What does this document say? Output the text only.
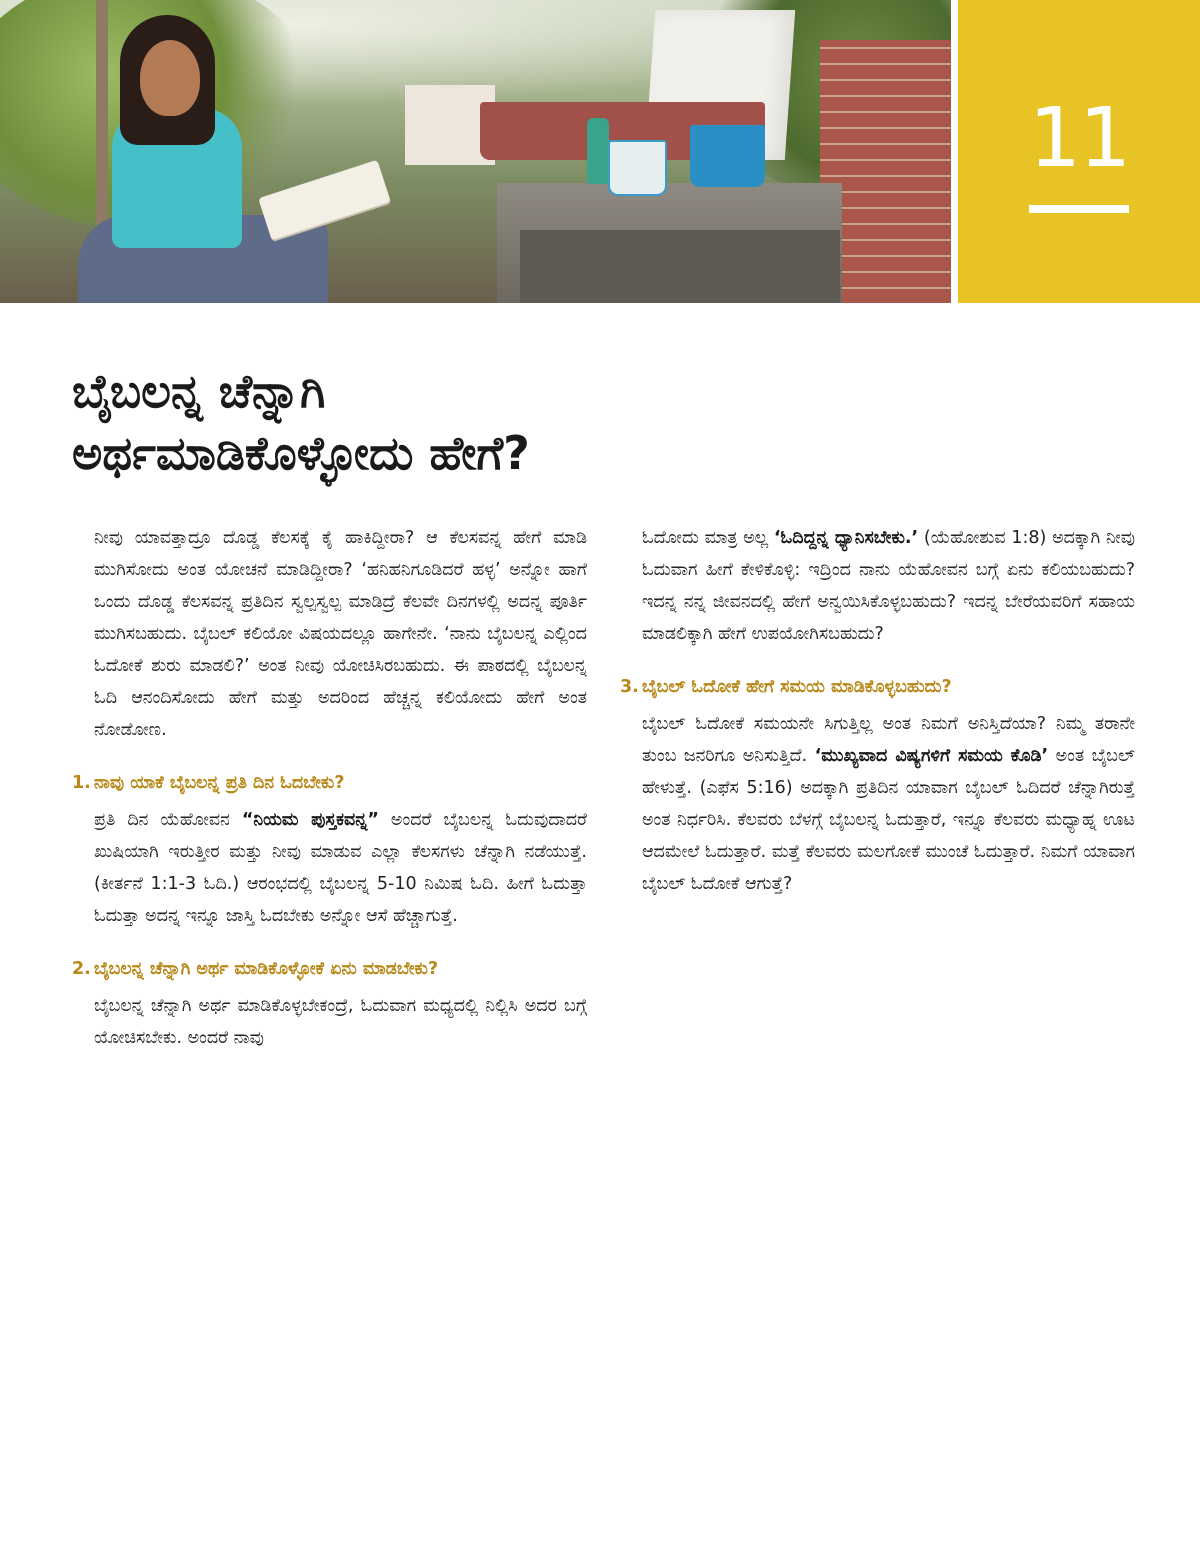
11
ಬೈಬಲನ್ನ ಚೆನ್ನಾಗಿ
ಅರ್ಥಮಾಡಿಕೊಳ್ಳೋದು ಹೇಗೆ?

ನೀವು ಯಾವತ್ತಾದ್ರೂ ದೊಡ್ಡ ಕೆಲಸಕ್ಕೆ ಕೈ ಹಾಕಿದ್ದೀರಾ? ಆ ಕೆಲಸವನ್ನ ಹೇಗೆ ಮಾಡಿ ಮುಗಿಸೋದು ಅಂತ ಯೋಚನೆ ಮಾಡಿದ್ದೀರಾ? ‘ಹನಿಹನಿಗೂಡಿದರೆ ಹಳ್ಳ’ ಅನ್ನೋ ಹಾಗೆ ಒಂದು ದೊಡ್ಡ ಕೆಲಸವನ್ನ ಪ್ರತಿದಿನ ಸ್ವಲ್ಪಸ್ವಲ್ಪ ಮಾಡಿದ್ರೆ ಕೆಲವೇ ದಿನಗಳಲ್ಲಿ ಅದನ್ನ ಪೂರ್ತಿ ಮುಗಿಸಬಹುದು. ಬೈಬಲ್ ಕಲಿಯೋ ವಿಷಯದಲ್ಲೂ ಹಾಗೇನೇ. ‘ನಾನು ಬೈಬಲನ್ನ ಎಲ್ಲಿಂದ ಓದೋಕೆ ಶುರು ಮಾಡಲಿ?’ ಅಂತ ನೀವು ಯೋಚಿಸಿರಬಹುದು. ಈ ಪಾಠದಲ್ಲಿ ಬೈಬಲನ್ನ ಓದಿ ಆನಂದಿಸೋದು ಹೇಗೆ ಮತ್ತು ಅದರಿಂದ ಹೆಚ್ಚನ್ನ ಕಲಿಯೋದು ಹೇಗೆ ಅಂತ ನೋಡೋಣ.

1. ನಾವು ಯಾಕೆ ಬೈಬಲನ್ನ ಪ್ರತಿ ದಿನ ಓದಬೇಕು?

ಪ್ರತಿ ದಿನ ಯೆಹೋವನ “ನಿಯಮ ಪುಸ್ತಕವನ್ನ” ಅಂದರೆ ಬೈಬಲನ್ನ ಓದುವುದಾದರೆ ಖುಷಿಯಾಗಿ ಇರುತ್ತೀರ ಮತ್ತು ನೀವು ಮಾಡುವ ಎಲ್ಲಾ ಕೆಲಸಗಳು ಚೆನ್ನಾಗಿ ನಡೆಯುತ್ತೆ. (ಕೀರ್ತನೆ 1:1-3 ಓದಿ.) ಆರಂಭದಲ್ಲಿ ಬೈಬಲನ್ನ 5-10 ನಿಮಿಷ ಓದಿ. ಹೀಗೆ ಓದುತ್ತಾ ಓದುತ್ತಾ ಅದನ್ನ ಇನ್ನೂ ಜಾಸ್ತಿ ಓದಬೇಕು ಅನ್ನೋ ಆಸೆ ಹೆಚ್ಚಾಗುತ್ತೆ.

2. ಬೈಬಲನ್ನ ಚೆನ್ನಾಗಿ ಅರ್ಥ ಮಾಡಿಕೊಳ್ಳೋಕೆ ಏನು ಮಾಡಬೇಕು?

ಬೈಬಲನ್ನ ಚೆನ್ನಾಗಿ ಅರ್ಥ ಮಾಡಿಕೊಳ್ಳಬೇಕಂದ್ರೆ, ಓದುವಾಗ ಮಧ್ಯದಲ್ಲಿ ನಿಲ್ಲಿಸಿ ಅದರ ಬಗ್ಗೆ ಯೋಚಿಸಬೇಕು. ಅಂದರೆ ನಾವು

ಓದೋದು ಮಾತ್ರ ಅಲ್ಲ ‘ಓದಿದ್ದನ್ನ ಧ್ಯಾನಿಸಬೇಕು.’ (ಯೆಹೋಶುವ 1:8) ಅದಕ್ಕಾಗಿ ನೀವು ಓದುವಾಗ ಹೀಗೆ ಕೇಳಿಕೊಳ್ಳಿ: ಇದ್ರಿಂದ ನಾನು ಯೆಹೋವನ ಬಗ್ಗೆ ಏನು ಕಲಿಯಬಹುದು? ಇದನ್ನ ನನ್ನ ಜೀವನದಲ್ಲಿ ಹೇಗೆ ಅನ್ವಯಿಸಿಕೊಳ್ಳಬಹುದು? ಇದನ್ನ ಬೇರೆಯವರಿಗೆ ಸಹಾಯ ಮಾಡಲಿಕ್ಕಾಗಿ ಹೇಗೆ ಉಪಯೋಗಿಸಬಹುದು?

3. ಬೈಬಲ್ ಓದೋಕೆ ಹೇಗೆ ಸಮಯ ಮಾಡಿಕೊಳ್ಳಬಹುದು?

ಬೈಬಲ್ ಓದೋಕೆ ಸಮಯನೇ ಸಿಗುತ್ತಿಲ್ಲ ಅಂತ ನಿಮಗೆ ಅನಿಸ್ತಿದೆಯಾ? ನಿಮ್ಮ ತರಾನೇ ತುಂಬ ಜನರಿಗೂ ಅನಿಸುತ್ತಿದೆ. ‘ಮುಖ್ಯವಾದ ವಿಷ್ಯಗಳಿಗೆ ಸಮಯ ಕೊಡಿ’ ಅಂತ ಬೈಬಲ್ ಹೇಳುತ್ತೆ. (ಎಫೆಸ 5:16) ಅದಕ್ಕಾಗಿ ಪ್ರತಿದಿನ ಯಾವಾಗ ಬೈಬಲ್ ಓದಿದರೆ ಚೆನ್ನಾಗಿರುತ್ತೆ ಅಂತ ನಿರ್ಧರಿಸಿ. ಕೆಲವರು ಬೆಳಗ್ಗೆ ಬೈಬಲನ್ನ ಓದುತ್ತಾರೆ, ಇನ್ನೂ ಕೆಲವರು ಮಧ್ಯಾಹ್ನ ಊಟ ಆದಮೇಲೆ ಓದುತ್ತಾರೆ. ಮತ್ತೆ ಕೆಲವರು ಮಲಗೋಕೆ ಮುಂಚೆ ಓದುತ್ತಾರೆ. ನಿಮಗೆ ಯಾವಾಗ ಬೈಬಲ್ ಓದೋಕೆ ಆಗುತ್ತೆ?
